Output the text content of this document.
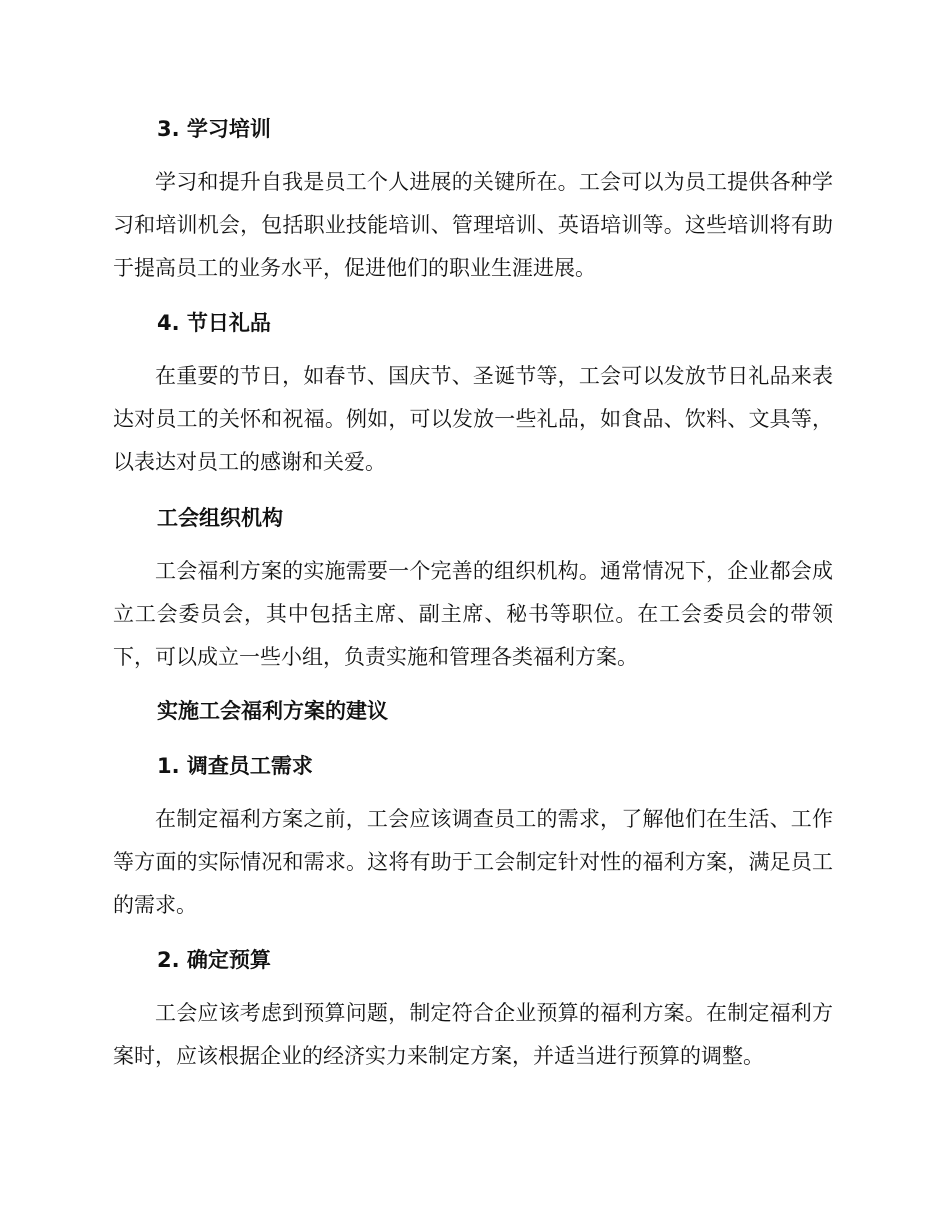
3. 学习培训
学习和提升自我是员工个人进展的关键所在。工会可以为员工提供各种学习和培训机会，包括职业技能培训、管理培训、英语培训等。这些培训将有助于提高员工的业务水平，促进他们的职业生涯进展。
4. 节日礼品
在重要的节日，如春节、国庆节、圣诞节等，工会可以发放节日礼品来表达对员工的关怀和祝福。例如，可以发放一些礼品，如食品、饮料、文具等，以表达对员工的感谢和关爱。
工会组织机构
工会福利方案的实施需要一个完善的组织机构。通常情况下，企业都会成立工会委员会，其中包括主席、副主席、秘书等职位。在工会委员会的带领下，可以成立一些小组，负责实施和管理各类福利方案。
实施工会福利方案的建议
1. 调查员工需求
在制定福利方案之前，工会应该调查员工的需求，了解他们在生活、工作等方面的实际情况和需求。这将有助于工会制定针对性的福利方案，满足员工的需求。
2. 确定预算
工会应该考虑到预算问题，制定符合企业预算的福利方案。在制定福利方案时，应该根据企业的经济实力来制定方案，并适当进行预算的调整。
